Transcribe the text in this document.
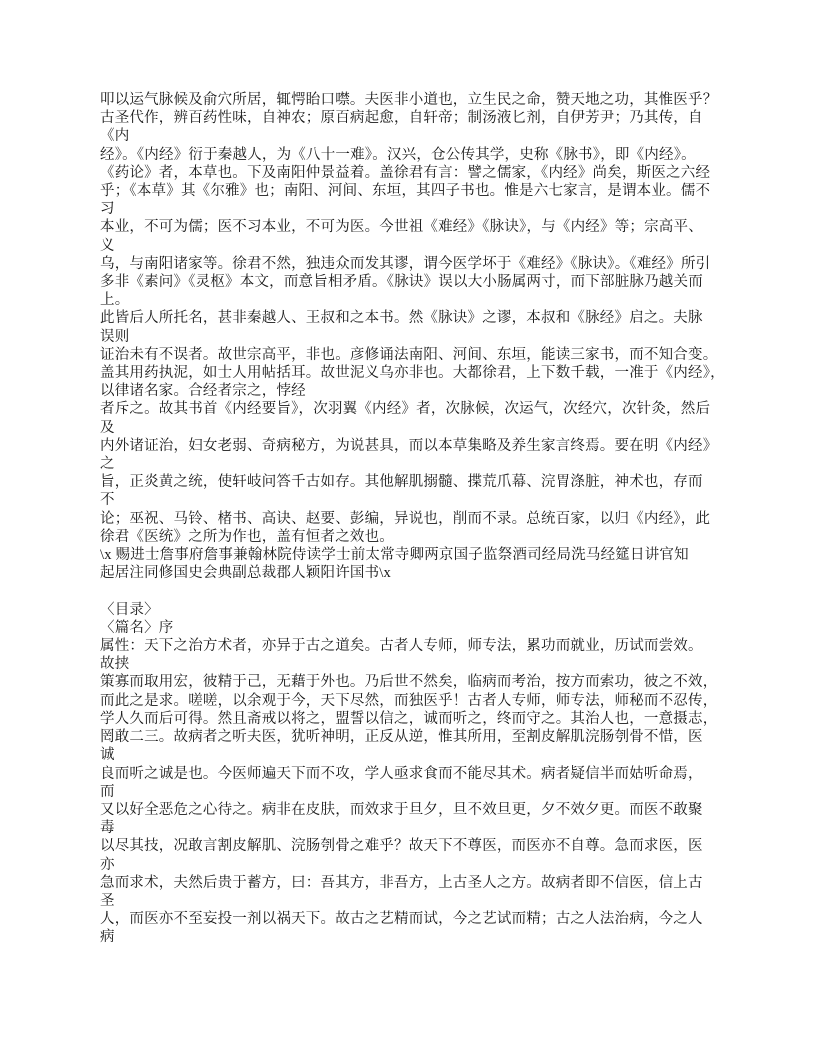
叩以运气脉候及俞穴所居，辄愕眙口噤。夫医非小道也，立生民之命，赞天地之功，其惟医乎？
古圣代作，辨百药性味，自神农；原百病起愈，自轩帝；制汤液匕剂，自伊芳尹；乃其传，自
《内
经》。《内经》衍于秦越人，为《八十一难》。汉兴，仓公传其学，史称《脉书》，即《内经》。
《药论》者，本草也。下及南阳仲景益着。盖徐君有言：譬之儒家，《内经》尚矣，斯医之六经
乎；《本草》其《尔雅》也；南阳、河间、东垣，其四子书也。惟是六七家言，是谓本业。儒不
习
本业，不可为儒；医不习本业，不可为医。今世祖《难经》《脉诀》，与《内经》等；宗高平、
义
乌，与南阳诸家等。徐君不然，独违众而发其谬，谓今医学坏于《难经》《脉诀》。《难经》所引
多非《素问》《灵枢》本文，而意旨相矛盾。《脉诀》误以大小肠属两寸，而下部脏脉乃越关而
上。
此皆后人所托名，甚非秦越人、王叔和之本书。然《脉诀》之谬，本叔和《脉经》启之。夫脉
误则
证治未有不误者。故世宗高平，非也。彦修诵法南阳、河间、东垣，能读三家书，而不知合变。
盖其用药执泥，如士人用帖括耳。故世泥义乌亦非也。大都徐君，上下数千载，一准于《内经》，
以律诸名家。合经者宗之，悖经
者斥之。故其书首《内经要旨》，次羽翼《内经》者，次脉候，次运气，次经穴，次针灸，然后
及
内外诸证治，妇女老弱、奇病秘方，为说甚具，而以本草集略及养生家言终焉。要在明《内经》
之
旨，正炎黄之统，使轩岐问答千古如存。其他解肌搦髓、揲荒爪幕、浣胃涤脏，神术也，存而
不
论；巫祝、马铃、楮书、高诀、赵要、彭编，异说也，削而不录。总统百家，以归《内经》，此
徐君《医统》之所为作也，盖有恒者之效也。
\x 赐进士詹事府詹事兼翰林院侍读学士前太常寺卿两京国子监祭酒司经局洗马经筵日讲官知
起居注同修国史会典副总裁郡人颖阳许国书\x
〈目录〉
〈篇名〉序
属性：天下之治方术者，亦异于古之道矣。古者人专师，师专法，累功而就业，历试而尝效。
故挟
策寡而取用宏，彼精于己，无藉于外也。乃后世不然矣，临病而考治，按方而索功，彼之不效，
而此之是求。嗟嗟，以余观于今，天下尽然，而独医乎！古者人专师，师专法，师秘而不忍传，
学人久而后可得。然且斋戒以将之，盟誓以信之，诚而听之，终而守之。其治人也，一意摄志，
罔敢二三。故病者之听夫医，犹听神明，正反从逆，惟其所用，至割皮解肌浣肠刳骨不惜，医
诚
良而听之诚是也。今医师遍天下而不攻，学人亟求食而不能尽其术。病者疑信半而姑听命焉，
而
又以好全恶危之心待之。病非在皮肤，而效求于旦夕，旦不效旦更，夕不效夕更。而医不敢聚
毒
以尽其技，况敢言割皮解肌、浣肠刳骨之难乎？故天下不尊医，而医亦不自尊。急而求医，医
亦
急而求术，夫然后贵于蓄方，曰：吾其方，非吾方，上古圣人之方。故病者即不信医，信上古
圣
人，而医亦不至妄投一剂以祸天下。故古之艺精而试，今之艺试而精；古之人法治病，今之人
病
